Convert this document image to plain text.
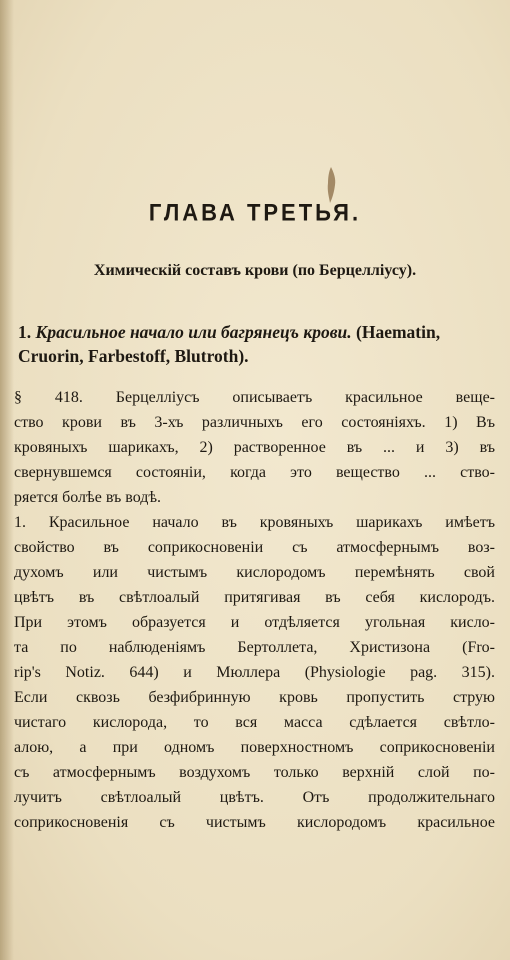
ГЛАВА ТРЕТЬЯ.
Химическій составъ крови (по Берцеллiусу).
1. Красильное начало или багрянецъ крови. (Haematin, Cruorin, Farbestoff, Blutroth).
§ 418. Берцеллiусъ описываетъ красильное веще-
ство крови въ 3-хъ различныхъ его состоянiяхъ. 1) Въ
кровяныхъ шарикахъ, 2) растворенное въ ... и 3) въ
свернувшемся состоянiи, когда это вещество ... ство-
ряется болѣе въ водѣ.
1. Красильное начало въ кровяныхъ шарикахъ имѣетъ
свойство въ соприкосновенiи съ атмосфернымъ воз-
духомъ или чистымъ кислородомъ перемѣнять свой
цвѣтъ въ свѣтлоалый притягивая въ себя кислородъ.
При этомъ образуется и отдѣляется угольная кисло-
та по наблюденiямъ Бертоллета, Христизона (Fro-
rip's Notiz. 644) и Мюллера (Physiologie pag. 315).
Если сквозь безфибринную кровь пропустить струю
чистаго кислорода, то вся масса сдѣлается свѣтло-
алою, а при одномъ поверхностномъ соприкосновенiи
съ атмосфернымъ воздухомъ только верхнiй слой по-
лучитъ свѣтлоалый цвѣтъ. Отъ продолжительнаго
соприкосновенiя съ чистымъ кислородомъ красильное
